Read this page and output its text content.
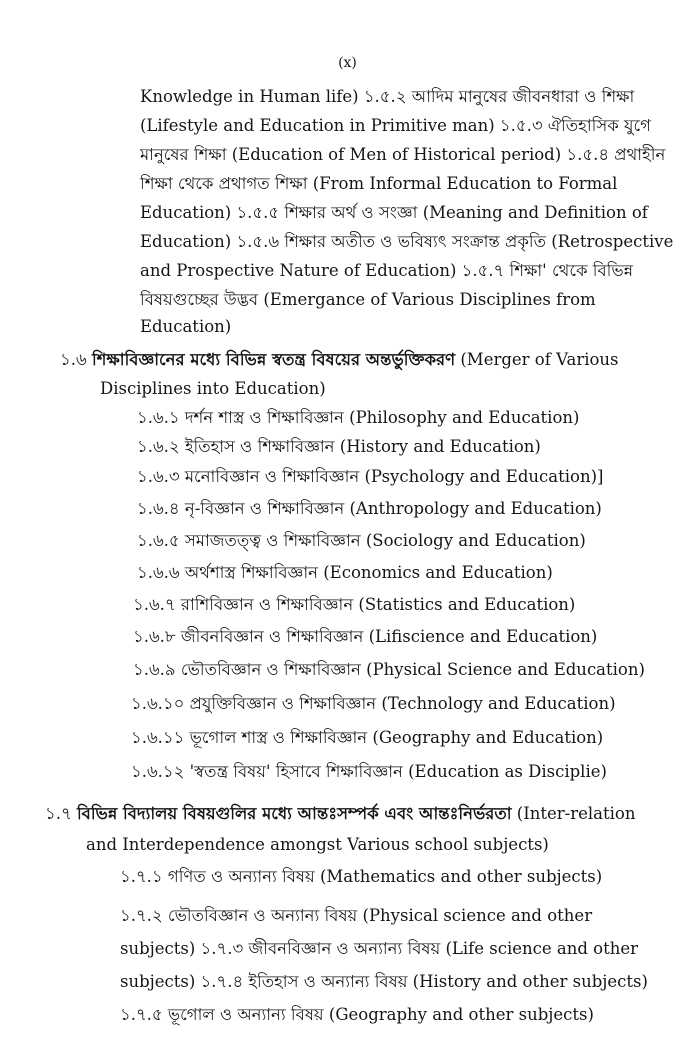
(x)
Knowledge in Human life) ১.৫.২ আদিম মানুষের জীবনধারা ও শিক্ষা
(Lifestyle and Education in Primitive man) ১.৫.৩ ঐতিহাসিক যুগে
মানুষের শিক্ষা (Education of Men of Historical period) ১.৫.৪ প্রথাহীন
শিক্ষা থেকে প্রথাগত শিক্ষা (From Informal Education to Formal
Education) ১.৫.৫ শিক্ষার অর্থ ও সংজ্ঞা (Meaning and Definition of
Education) ১.৫.৬ শিক্ষার অতীত ও ভবিষ্যৎ সংক্রান্ত প্রকৃতি (Retrospective
and Prospective Nature of Education) ১.৫.৭ শিক্ষা' থেকে বিভিন্ন
বিষয়গুচ্ছের উদ্ভব (Emergance of Various Disciplines from
Education)
১.৬ শিক্ষাবিজ্ঞানের মধ্যে বিভিন্ন স্বতন্ত্র বিষয়ের অন্তর্ভুক্তিকরণ (Merger of Various
Disciplines into Education)
১.৬.১ দর্শন শাস্ত্র ও শিক্ষাবিজ্ঞান (Philosophy and Education)
১.৬.২ ইতিহাস ও শিক্ষাবিজ্ঞান (History and Education)
১.৬.৩ মনোবিজ্ঞান ও শিক্ষাবিজ্ঞান (Psychology and Education)]
১.৬.৪ নৃ-বিজ্ঞান ও শিক্ষাবিজ্ঞান (Anthropology and Education)
১.৬.৫ সমাজতত্ত্ব ও শিক্ষাবিজ্ঞান (Sociology and Education)
১.৬.৬ অর্থশাস্ত্র শিক্ষাবিজ্ঞান (Economics and Education)
১.৬.৭ রাশিবিজ্ঞান ও শিক্ষাবিজ্ঞান (Statistics and Education)
১.৬.৮ জীবনবিজ্ঞান ও শিক্ষাবিজ্ঞান (Lifiscience and Education)
১.৬.৯ ভৌতবিজ্ঞান ও শিক্ষাবিজ্ঞান (Physical Science and Education)
১.৬.১০ প্রযুক্তিবিজ্ঞান ও শিক্ষাবিজ্ঞান (Technology and Education)
১.৬.১১ ভূগোল শাস্ত্র ও শিক্ষাবিজ্ঞান (Geography and Education)
১.৬.১২ 'স্বতন্ত্র বিষয়' হিসাবে শিক্ষাবিজ্ঞান (Education as Disciplie)
১.৭ বিভিন্ন বিদ্যালয় বিষয়গুলির মধ্যে আন্তঃসম্পর্ক এবং আন্তঃনির্ভরতা (Inter-relation
and Interdependence amongst Various school subjects)
১.৭.১ গণিত ও অন্যান্য বিষয় (Mathematics and other subjects)
১.৭.২ ভৌতবিজ্ঞান ও অন্যান্য বিষয় (Physical science and other
subjects) ১.৭.৩ জীবনবিজ্ঞান ও অন্যান্য বিষয় (Life science and other
subjects) ১.৭.৪ ইতিহাস ও অন্যান্য বিষয় (History and other subjects)
১.৭.৫ ভূগোল ও অন্যান্য বিষয় (Geography and other subjects)
